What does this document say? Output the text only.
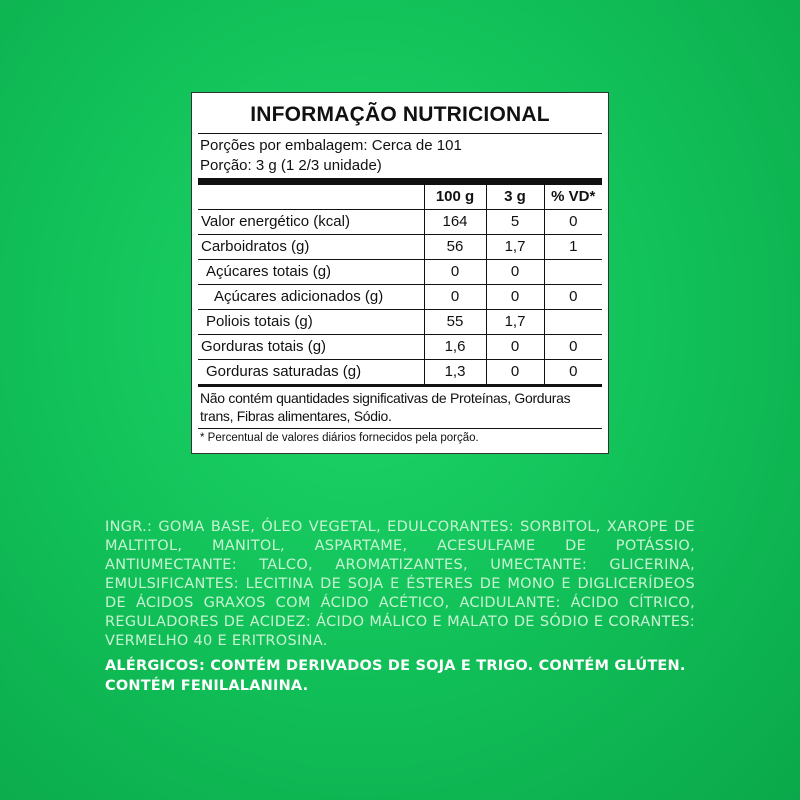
INFORMAÇÃO NUTRICIONAL
Porções por embalagem: Cerca de 101
Porção: 3 g (1 2/3 unidade)
	100 g	3 g	% VD*
Valor energético (kcal)	164	5	0
Carboidratos (g)	56	1,7	1
Açúcares totais (g)	0	0	
Açúcares adicionados (g)	0	0	0
Poliois totais (g)	55	1,7	
Gorduras totais (g)	1,6	0	0
Gorduras saturadas (g)	1,3	0	0
Não contém quantidades significativas de Proteínas, Gorduras trans, Fibras alimentares, Sódio.
* Percentual de valores diários fornecidos pela porção.
INGR.: GOMA BASE, ÓLEO VEGETAL, EDULCORANTES: SORBITOL, XAROPE DE MALTITOL, MANITOL, ASPARTAME, ACESULFAME DE POTÁSSIO, ANTIUMECTANTE: TALCO, AROMATIZANTES, UMECTANTE: GLICERINA, EMULSIFICANTES: LECITINA DE SOJA E ÉSTERES DE MONO E DIGLICERÍDEOS DE ÁCIDOS GRAXOS COM ÁCIDO ACÉTICO, ACIDULANTE: ÁCIDO CÍTRICO, REGULADORES DE ACIDEZ: ÁCIDO MÁLICO E MALATO DE SÓDIO E CORANTES: VERMELHO 40 E ERITROSINA.
ALÉRGICOS: CONTÉM DERIVADOS DE SOJA E TRIGO. CONTÉM GLÚTEN. CONTÉM FENILALANINA.
